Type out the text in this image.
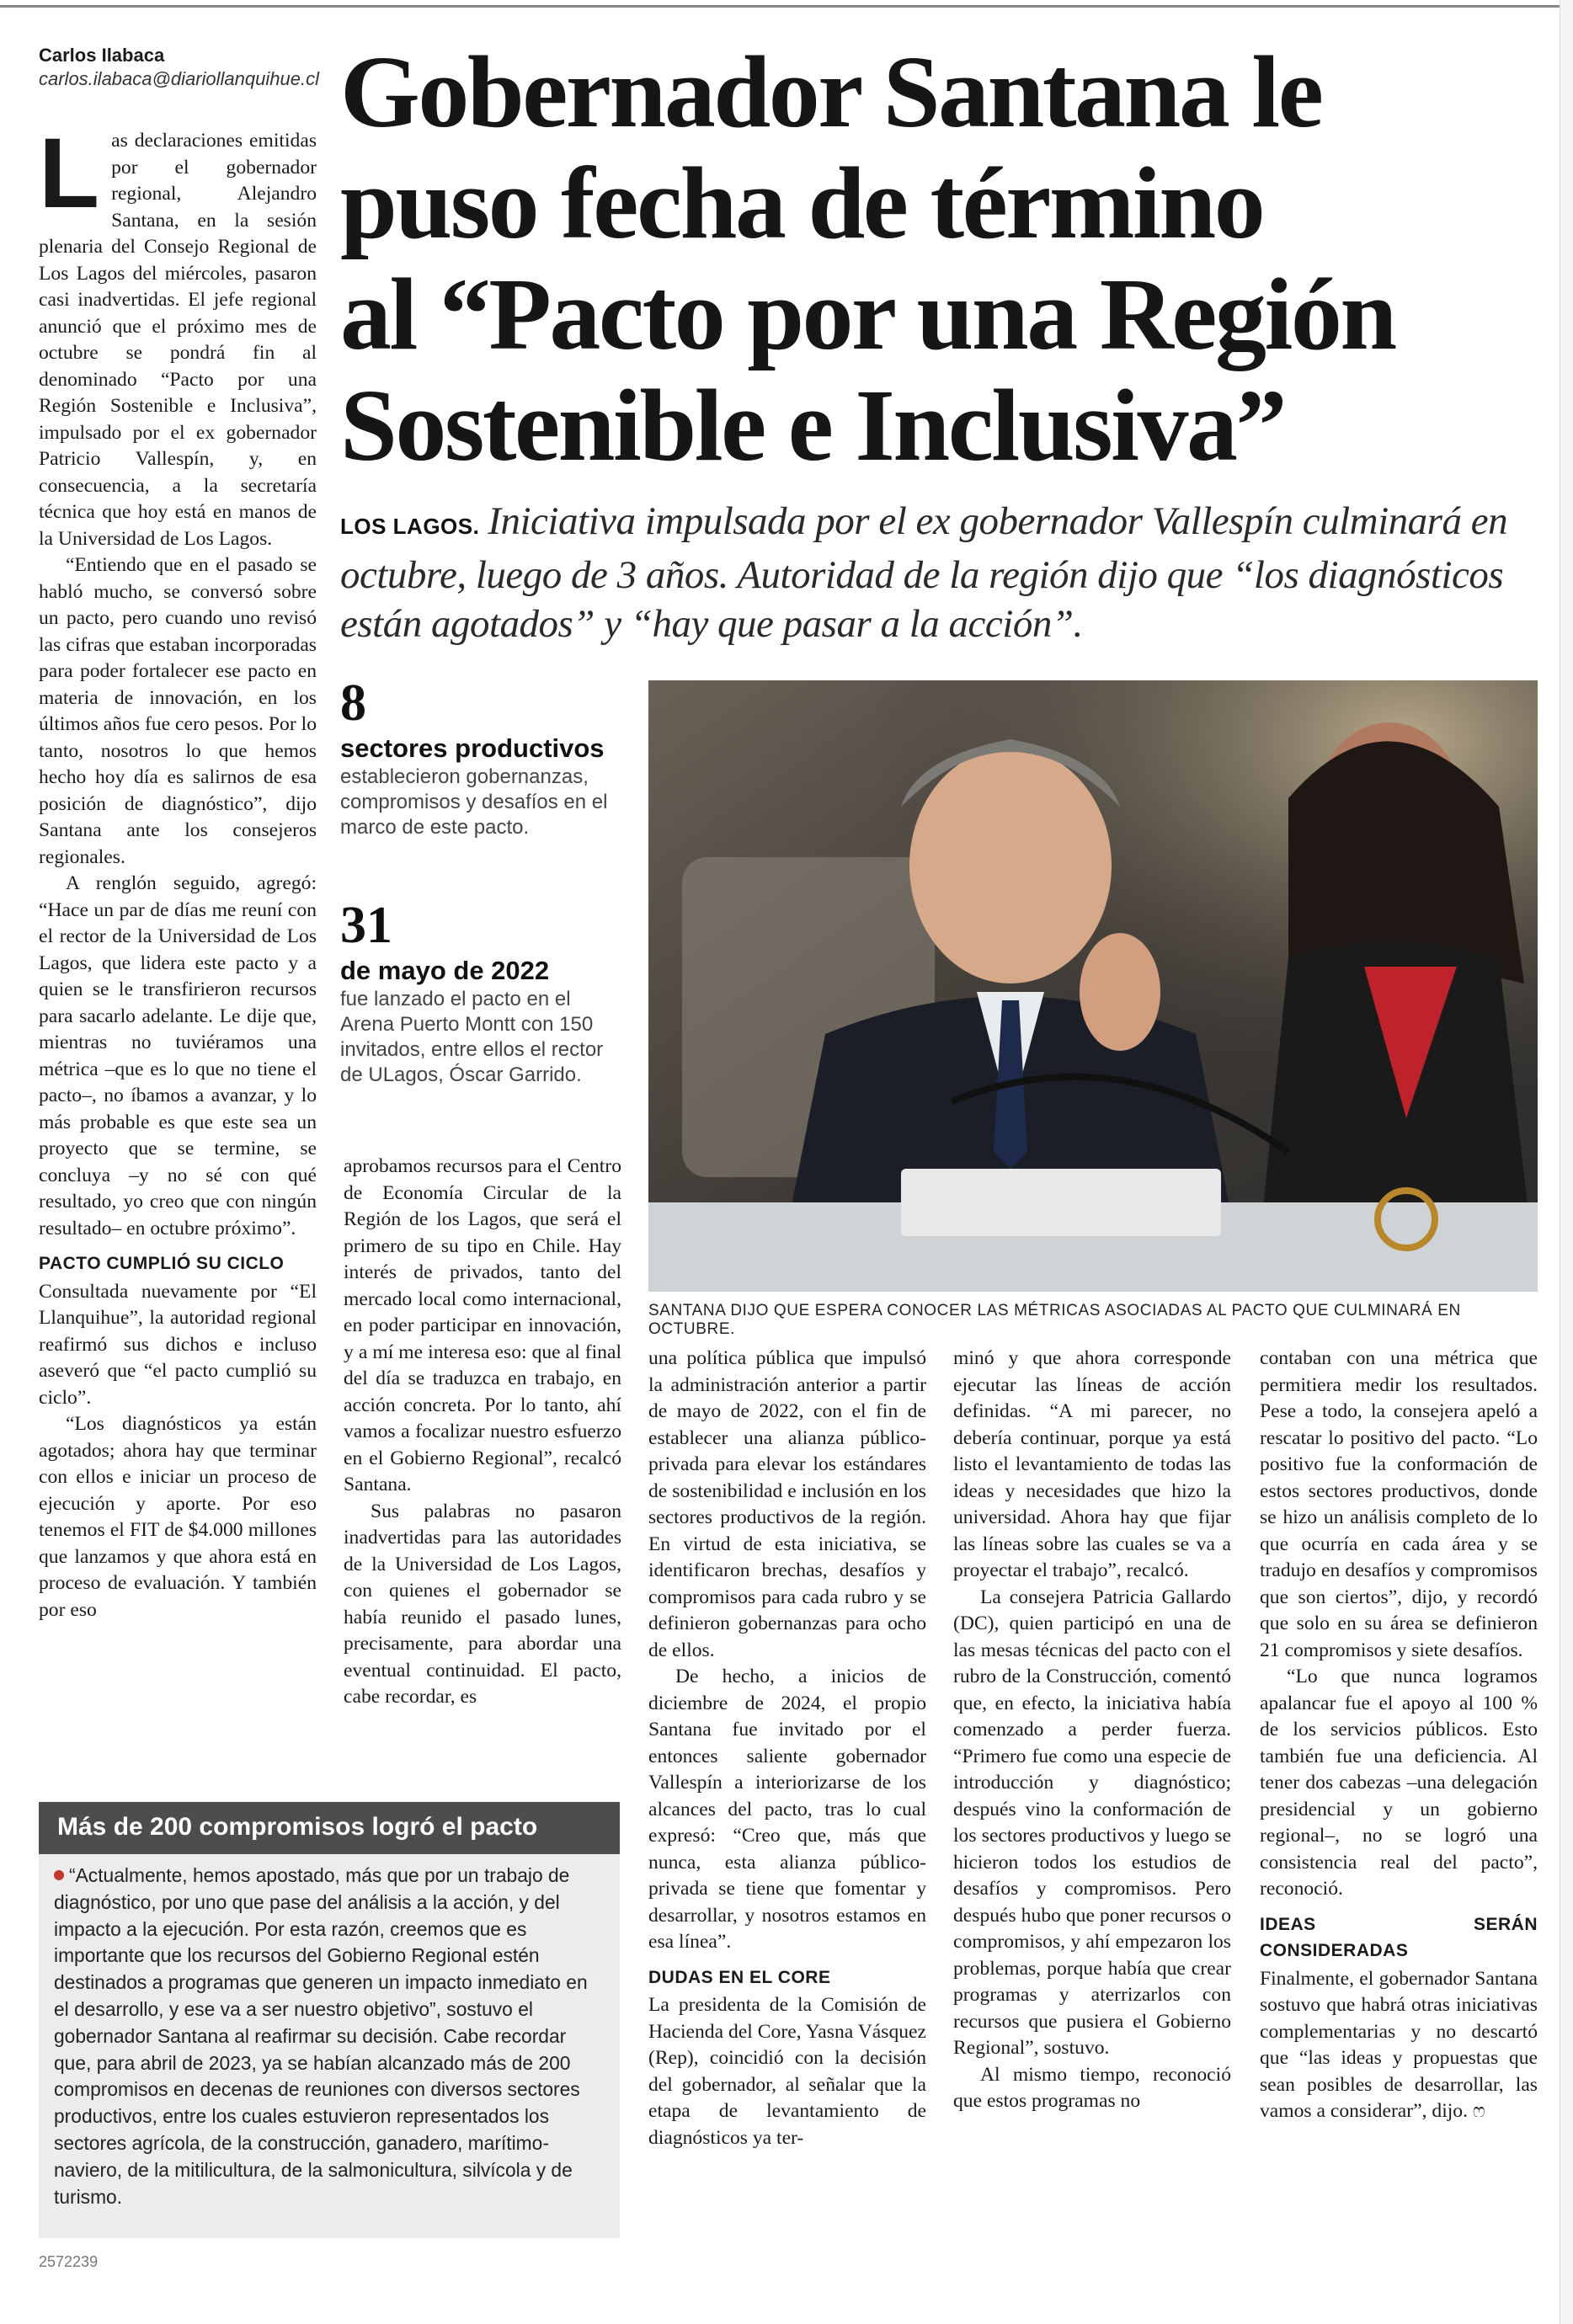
Carlos Ilabaca
carlos.ilabaca@diariollanquihue.cl Gobernador Santana le
puso fecha de término
al “Pacto por una Región
Sostenible e Inclusiva”
LOS LAGOS. Iniciativa impulsada por el ex gobernador Vallespín culminará en octubre, luego de 3 años. Autoridad de la región dijo que “los diagnósticos están agotados” y “hay que pasar a la acción”.
8
sectores productivos
establecieron gobernanzas, compromisos y desafíos en el marco de este pacto.
31
de mayo de 2022
fue lanzado el pacto en el Arena Puerto Montt con 150 invitados, entre ellos el rector de ULagos, Óscar Garrido.
SANTANA DIJO QUE ESPERA CONOCER LAS MÉTRICAS ASOCIADAS AL PACTO QUE CULMINARÁ EN OCTUBRE.

Las declaraciones emitidas por el gobernador regional, Alejandro Santana, en la sesión plenaria del Consejo Regional de Los Lagos del miércoles, pasaron casi inadvertidas. El jefe regional anunció que el próximo mes de octubre se pondrá fin al denominado “Pacto por una Región Sostenible e Inclusiva”, impulsado por el ex gobernador Patricio Vallespín, y, en consecuencia, a la secretaría técnica que hoy está en manos de la Universidad de Los Lagos.

“Entiendo que en el pasado se habló mucho, se conversó sobre un pacto, pero cuando uno revisó las cifras que estaban incorporadas para poder fortalecer ese pacto en materia de innovación, en los últimos años fue cero pesos. Por lo tanto, nosotros lo que hemos hecho hoy día es salirnos de esa posición de diagnóstico”, dijo Santana ante los consejeros regionales.

A renglón seguido, agregó: “Hace un par de días me reuní con el rector de la Universidad de Los Lagos, que lidera este pacto y a quien se le transfirieron recursos para sacarlo adelante. Le dije que, mientras no tuviéramos una métrica –que es lo que no tiene el pacto–, no íbamos a avanzar, y lo más probable es que este sea un proyecto que se termine, se concluya –y no sé con qué resultado, yo creo que con ningún resultado– en octubre próximo”.

PACTO CUMPLIÓ SU CICLO

Consultada nuevamente por “El Llanquihue”, la autoridad regional reafirmó sus dichos e incluso aseveró que “el pacto cumplió su ciclo”.

“Los diagnósticos ya están agotados; ahora hay que terminar con ellos e iniciar un proceso de ejecución y aporte. Por eso tenemos el FIT de $4.000 millones que lanzamos y que ahora está en proceso de evaluación. Y también por eso

aprobamos recursos para el Centro de Economía Circular de la Región de los Lagos, que será el primero de su tipo en Chile. Hay interés de privados, tanto del mercado local como internacional, en poder participar en innovación, y a mí me interesa eso: que al final del día se traduzca en trabajo, en acción concreta. Por lo tanto, ahí vamos a focalizar nuestro esfuerzo en el Gobierno Regional”, recalcó Santana.

Sus palabras no pasaron inadvertidas para las autoridades de la Universidad de Los Lagos, con quienes el gobernador se había reunido el pasado lunes, precisamente, para abordar una eventual continuidad. El pacto, cabe recordar, es

una política pública que impulsó la administración anterior a partir de mayo de 2022, con el fin de establecer una alianza público-privada para elevar los estándares de sostenibilidad e inclusión en los sectores productivos de la región. En virtud de esta iniciativa, se identificaron brechas, desafíos y compromisos para cada rubro y se definieron gobernanzas para ocho de ellos.

De hecho, a inicios de diciembre de 2024, el propio Santana fue invitado por el entonces saliente gobernador Vallespín a interiorizarse de los alcances del pacto, tras lo cual expresó: “Creo que, más que nunca, esta alianza público-privada se tiene que fomentar y desarrollar, y nosotros estamos en esa línea”.

DUDAS EN EL CORE

La presidenta de la Comisión de Hacienda del Core, Yasna Vásquez (Rep), coincidió con la decisión del gobernador, al señalar que la etapa de levantamiento de diagnósticos ya ter-

minó y que ahora corresponde ejecutar las líneas de acción definidas. “A mi parecer, no debería continuar, porque ya está listo el levantamiento de todas las ideas y necesidades que hizo la universidad. Ahora hay que fijar las líneas sobre las cuales se va a proyectar el trabajo”, recalcó.

La consejera Patricia Gallardo (DC), quien participó en una de las mesas técnicas del pacto con el rubro de la Construcción, comentó que, en efecto, la iniciativa había comenzado a perder fuerza. “Primero fue como una especie de introducción y diagnóstico; después vino la conformación de los sectores productivos y luego se hicieron todos los estudios de desafíos y compromisos. Pero después hubo que poner recursos o compromisos, y ahí empezaron los problemas, porque había que crear programas y aterrizarlos con recursos que pusiera el Gobierno Regional”, sostuvo.

Al mismo tiempo, reconoció que estos programas no

contaban con una métrica que permitiera medir los resultados. Pese a todo, la consejera apeló a rescatar lo positivo del pacto. “Lo positivo fue la conformación de estos sectores productivos, donde se hizo un análisis completo de lo que ocurría en cada área y se tradujo en desafíos y compromisos que son ciertos”, dijo, y recordó que solo en su área se definieron 21 compromisos y siete desafíos.

“Lo que nunca logramos apalancar fue el apoyo al 100 % de los servicios públicos. Esto también fue una deficiencia. Al tener dos cabezas –una delegación presidencial y un gobierno regional–, no se logró una consistencia real del pacto”, reconoció.

IDEAS SERÁN CONSIDERADAS

Finalmente, el gobernador Santana sostuvo que habrá otras iniciativas complementarias y no descartó que “las ideas y propuestas que sean posibles de desarrollar, las vamos a considerar”, dijo. ෆ

Más de 200 compromisos logró el pacto
“Actualmente, hemos apostado, más que por un trabajo de diagnóstico, por uno que pase del análisis a la acción, y del impacto a la ejecución. Por esta razón, creemos que es importante que los recursos del Gobierno Regional estén destinados a programas que generen un impacto inmediato en el desarrollo, y ese va a ser nuestro objetivo”, sostuvo el gobernador Santana al reafirmar su decisión. Cabe recordar que, para abril de 2023, ya se habían alcanzado más de 200 compromisos en decenas de reuniones con diversos sectores productivos, entre los cuales estuvieron representados los sectores agrícola, de la construcción, ganadero, marítimo-naviero, de la mitilicultura, de la salmonicultura, silvícola y de turismo.
2572239
